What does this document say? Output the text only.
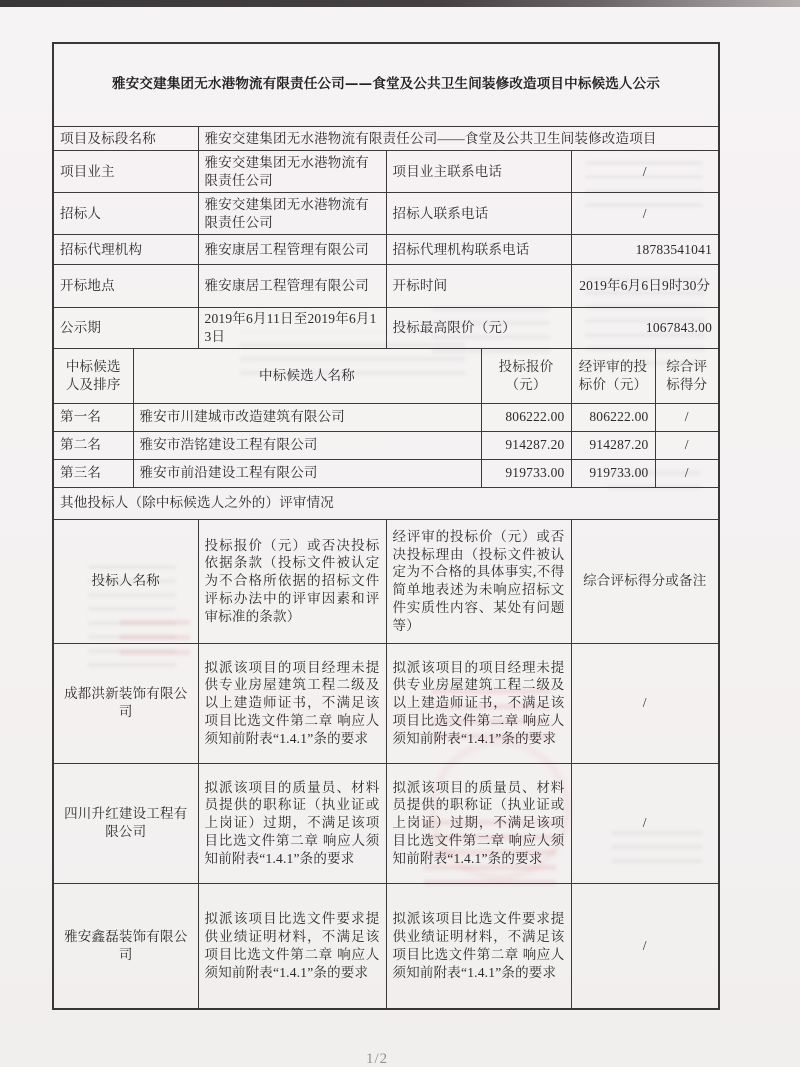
雅安交建集团无水港物流有限责任公司——食堂及公共卫生间装修改造项目中标候选人公示						
项目及标段名称		雅安交建集团无水港物流有限责任公司——食堂及公共卫生间装修改造项目				
项目业主		雅安交建集团无水港物流有限责任公司	项目业主联系电话		/	
招标人		雅安交建集团无水港物流有限责任公司	招标人联系电话		/	
招标代理机构		雅安康居工程管理有限公司	招标代理机构联系电话		18783541041	
开标地点		雅安康居工程管理有限公司	开标时间		2019年6月6日9时30分	
公示期		2019年6月11日至2019年6月13日	投标最高限价（元）		1067843.00	
中标候选人及排序	中标候选人名称			投标报价（元）	经评审的投标价（元）	综合评标得分
第一名	雅安市川建城市改造建筑有限公司			806222.00	806222.00	/
第二名	雅安市浩铭建设工程有限公司			914287.20	914287.20	/
第三名	雅安市前沿建设工程有限公司			919733.00	919733.00	/
其他投标人（除中标候选人之外的）评审情况						
投标人名称		投标报价（元）或否决投标依据条款（投标文件被认定为不合格所依据的招标文件评标办法中的评审因素和评审标准的条款）	经评审的投标价（元）或否决投标理由（投标文件被认定为不合格的具体事实,不得简单地表述为未响应招标文件实质性内容、某处有问题等）		综合评标得分或备注	
成都洪新装饰有限公司		拟派该项目的项目经理未提供专业房屋建筑工程二级及以上建造师证书，不满足该项目比选文件第二章 响应人须知前附表“1.4.1”条的要求	拟派该项目的项目经理未提供专业房屋建筑工程二级及以上建造师证书，不满足该项目比选文件第二章 响应人须知前附表“1.4.1”条的要求		/	
四川升红建设工程有限公司		拟派该项目的质量员、材料员提供的职称证（执业证或上岗证）过期，不满足该项目比选文件第二章 响应人须知前附表“1.4.1”条的要求	拟派该项目的质量员、材料员提供的职称证（执业证或上岗证）过期，不满足该项目比选文件第二章 响应人须知前附表“1.4.1”条的要求		/	
雅安鑫磊装饰有限公司		拟派该项目比选文件要求提供业绩证明材料，不满足该项目比选文件第二章 响应人须知前附表“1.4.1”条的要求	拟派该项目比选文件要求提供业绩证明材料，不满足该项目比选文件第二章 响应人须知前附表“1.4.1”条的要求		/	
1/2
